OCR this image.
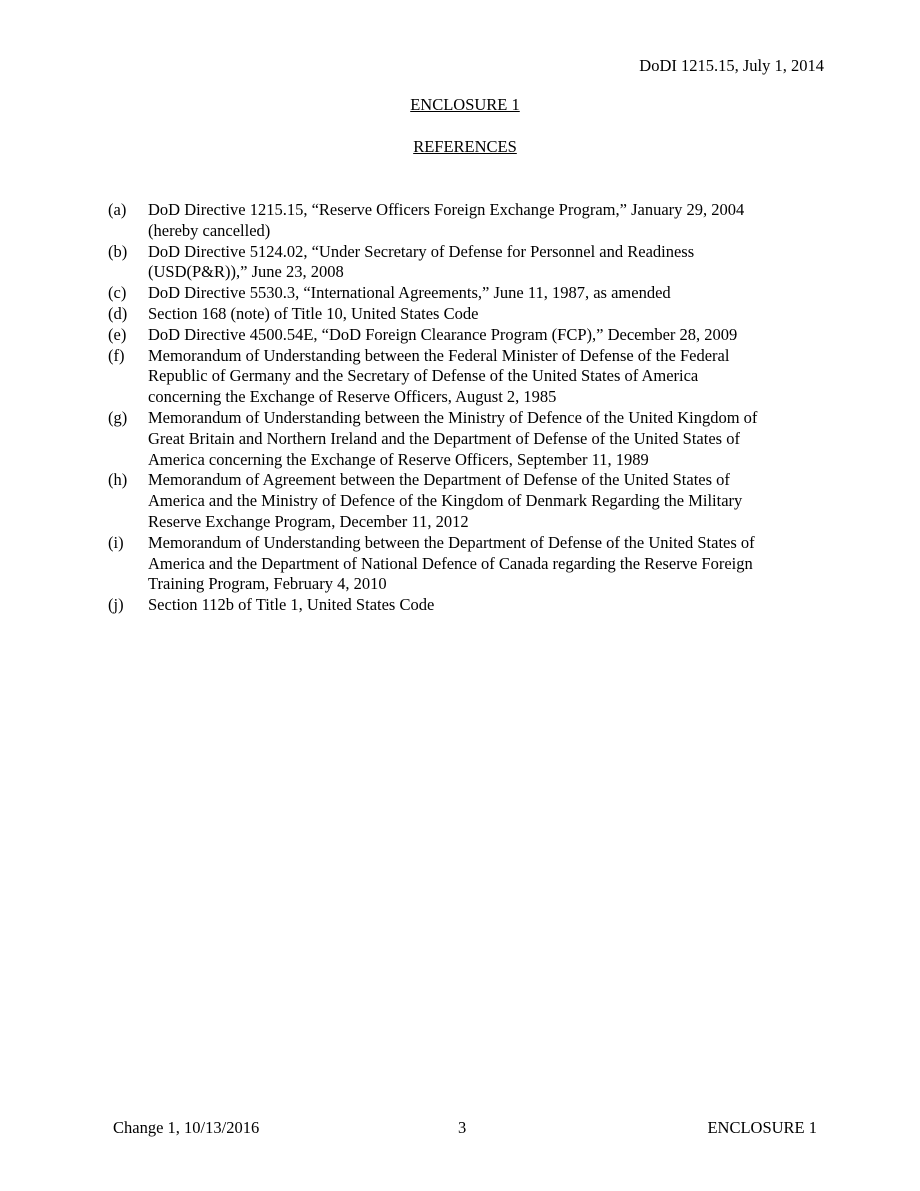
DoDI 1215.15, July 1, 2014
ENCLOSURE 1
REFERENCES
(a) DoD Directive 1215.15, “Reserve Officers Foreign Exchange Program,” January 29, 2004
(hereby cancelled)
(b) DoD Directive 5124.02, “Under Secretary of Defense for Personnel and Readiness
(USD(P&R)),” June 23, 2008
(c) DoD Directive 5530.3, “International Agreements,” June 11, 1987, as amended
(d) Section 168 (note) of Title 10, United States Code
(e) DoD Directive 4500.54E, “DoD Foreign Clearance Program (FCP),” December 28, 2009
(f) Memorandum of Understanding between the Federal Minister of Defense of the Federal
Republic of Germany and the Secretary of Defense of the United States of America
concerning the Exchange of Reserve Officers, August 2, 1985
(g) Memorandum of Understanding between the Ministry of Defence of the United Kingdom of
Great Britain and Northern Ireland and the Department of Defense of the United States of
America concerning the Exchange of Reserve Officers, September 11, 1989
(h) Memorandum of Agreement between the Department of Defense of the United States of
America and the Ministry of Defence of the Kingdom of Denmark Regarding the Military
Reserve Exchange Program, December 11, 2012
(i) Memorandum of Understanding between the Department of Defense of the United States of
America and the Department of National Defence of Canada regarding the Reserve Foreign
Training Program, February 4, 2010
(j) Section 112b of Title 1, United States Code
Change 1, 10/13/2016	3	ENCLOSURE 1
